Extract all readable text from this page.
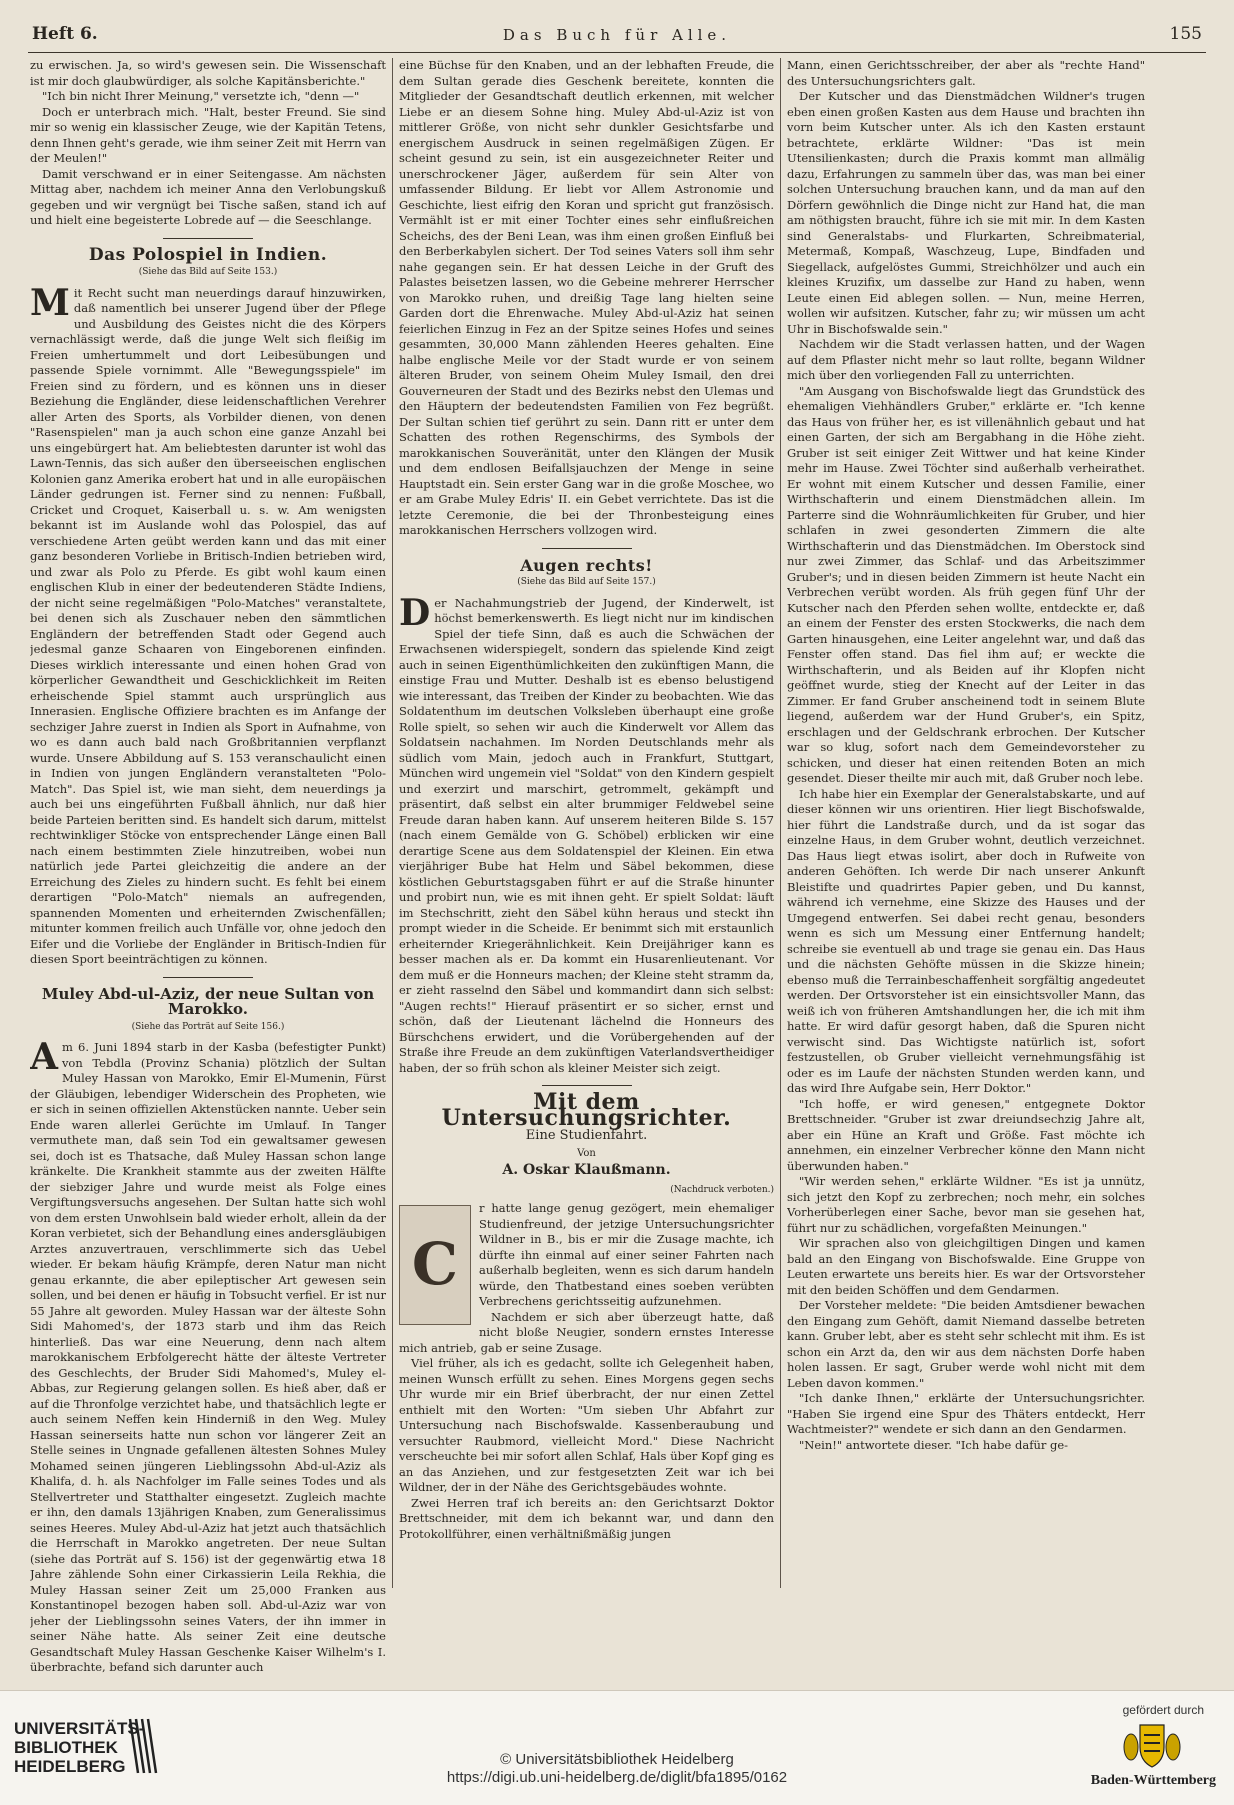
Heft 6.	Das Buch für Alle.	155

zu erwischen. Ja, so wird's gewesen sein. Die Wissenschaft ist mir doch glaubwürdiger, als solche Kapitänsberichte."

"Ich bin nicht Ihrer Meinung," versetzte ich, "denn —"

Doch er unterbrach mich. "Halt, bester Freund. Sie sind mir so wenig ein klassischer Zeuge, wie der Kapitän Tetens, denn Ihnen geht's gerade, wie ihm seiner Zeit mit Herrn van der Meulen!"

Damit verschwand er in einer Seitengasse. Am nächsten Mittag aber, nachdem ich meiner Anna den Verlobungskuß gegeben und wir vergnügt bei Tische saßen, stand ich auf und hielt eine begeisterte Lobrede auf — die Seeschlange.

Das Polospiel in Indien.
(Siehe das Bild auf Seite 153.)

Mit Recht sucht man neuerdings darauf hinzuwirken, daß namentlich bei unserer Jugend über der Pflege und Ausbildung des Geistes nicht die des Körpers vernachlässigt werde, daß die junge Welt sich fleißig im Freien umhertummelt und dort Leibesübungen und passende Spiele vornimmt. Alle "Bewegungsspiele" im Freien sind zu fördern, und es können uns in dieser Beziehung die Engländer, diese leidenschaftlichen Verehrer aller Arten des Sports, als Vorbilder dienen, von denen "Rasenspielen" man ja auch schon eine ganze Anzahl bei uns eingebürgert hat. Am beliebtesten darunter ist wohl das Lawn-Tennis, das sich außer den überseeischen englischen Kolonien ganz Amerika erobert hat und in alle europäischen Länder gedrungen ist. Ferner sind zu nennen: Fußball, Cricket und Croquet, Kaiserball u. s. w. Am wenigsten bekannt ist im Auslande wohl das Polospiel, das auf verschiedene Arten geübt werden kann und das mit einer ganz besonderen Vorliebe in Britisch-Indien betrieben wird, und zwar als Polo zu Pferde. Es gibt wohl kaum einen englischen Klub in einer der bedeutenderen Städte Indiens, der nicht seine regelmäßigen "Polo-Matches" veranstaltete, bei denen sich als Zuschauer neben den sämmtlichen Engländern der betreffenden Stadt oder Gegend auch jedesmal ganze Schaaren von Eingeborenen einfinden. Dieses wirklich interessante und einen hohen Grad von körperlicher Gewandtheit und Geschicklichkeit im Reiten erheischende Spiel stammt auch ursprünglich aus Innerasien. Englische Offiziere brachten es im Anfange der sechziger Jahre zuerst in Indien als Sport in Aufnahme, von wo es dann auch bald nach Großbritannien verpflanzt wurde. Unsere Abbildung auf S. 153 veranschaulicht einen in Indien von jungen Engländern veranstalteten "Polo-Match". Das Spiel ist, wie man sieht, dem neuerdings ja auch bei uns eingeführten Fußball ähnlich, nur daß hier beide Parteien beritten sind. Es handelt sich darum, mittelst rechtwinkliger Stöcke von entsprechender Länge einen Ball nach einem bestimmten Ziele hinzutreiben, wobei nun natürlich jede Partei gleichzeitig die andere an der Erreichung des Zieles zu hindern sucht. Es fehlt bei einem derartigen "Polo-Match" niemals an aufregenden, spannenden Momenten und erheiternden Zwischenfällen; mitunter kommen freilich auch Unfälle vor, ohne jedoch den Eifer und die Vorliebe der Engländer in Britisch-Indien für diesen Sport beeinträchtigen zu können.

Muley Abd-ul-Aziz, der neue Sultan von Marokko.
(Siehe das Porträt auf Seite 156.)

Am 6. Juni 1894 starb in der Kasba (befestigter Punkt) von Tebdla (Provinz Schania) plötzlich der Sultan Muley Hassan von Marokko, Emir El-Mumenin, Fürst der Gläubigen, lebendiger Widerschein des Propheten, wie er sich in seinen offiziellen Aktenstücken nannte. Ueber sein Ende waren allerlei Gerüchte im Umlauf. In Tanger vermuthete man, daß sein Tod ein gewaltsamer gewesen sei, doch ist es Thatsache, daß Muley Hassan schon lange kränkelte. Die Krankheit stammte aus der zweiten Hälfte der siebziger Jahre und wurde meist als Folge eines Vergiftungsversuchs angesehen. Der Sultan hatte sich wohl von dem ersten Unwohlsein bald wieder erholt, allein da der Koran verbietet, sich der Behandlung eines andersgläubigen Arztes anzuvertrauen, verschlimmerte sich das Uebel wieder. Er bekam häufig Krämpfe, deren Natur man nicht genau erkannte, die aber epileptischer Art gewesen sein sollen, und bei denen er häufig in Tobsucht verfiel. Er ist nur 55 Jahre alt geworden. Muley Hassan war der älteste Sohn Sidi Mahomed's, der 1873 starb und ihm das Reich hinterließ. Das war eine Neuerung, denn nach altem marokkanischem Erbfolgerecht hätte der älteste Vertreter des Geschlechts, der Bruder Sidi Mahomed's, Muley el-Abbas, zur Regierung gelangen sollen. Es hieß aber, daß er auf die Thronfolge verzichtet habe, und thatsächlich legte er auch seinem Neffen kein Hinderniß in den Weg. Muley Hassan seinerseits hatte nun schon vor längerer Zeit an Stelle seines in Ungnade gefallenen ältesten Sohnes Muley Mohamed seinen jüngeren Lieblingssohn Abd-ul-Aziz als Khalifa, d. h. als Nachfolger im Falle seines Todes und als Stellvertreter und Statthalter eingesetzt. Zugleich machte er ihn, den damals 13jährigen Knaben, zum Generalissimus seines Heeres. Muley Abd-ul-Aziz hat jetzt auch thatsächlich die Herrschaft in Marokko angetreten. Der neue Sultan (siehe das Porträt auf S. 156) ist der gegenwärtig etwa 18 Jahre zählende Sohn einer Cirkassierin Leila Rekhia, die Muley Hassan seiner Zeit um 25,000 Franken aus Konstantinopel bezogen haben soll. Abd-ul-Aziz war von jeher der Lieblingssohn seines Vaters, der ihn immer in seiner Nähe hatte. Als seiner Zeit eine deutsche Gesandtschaft Muley Hassan Geschenke Kaiser Wilhelm's I. überbrachte, befand sich darunter auch

eine Büchse für den Knaben, und an der lebhaften Freude, die dem Sultan gerade dies Geschenk bereitete, konnten die Mitglieder der Gesandtschaft deutlich erkennen, mit welcher Liebe er an diesem Sohne hing. Muley Abd-ul-Aziz ist von mittlerer Größe, von nicht sehr dunkler Gesichtsfarbe und energischem Ausdruck in seinen regelmäßigen Zügen. Er scheint gesund zu sein, ist ein ausgezeichneter Reiter und unerschrockener Jäger, außerdem für sein Alter von umfassender Bildung. Er liebt vor Allem Astronomie und Geschichte, liest eifrig den Koran und spricht gut französisch. Vermählt ist er mit einer Tochter eines sehr einflußreichen Scheichs, des der Beni Lean, was ihm einen großen Einfluß bei den Berberkabylen sichert. Der Tod seines Vaters soll ihm sehr nahe gegangen sein. Er hat dessen Leiche in der Gruft des Palastes beisetzen lassen, wo die Gebeine mehrerer Herrscher von Marokko ruhen, und dreißig Tage lang hielten seine Garden dort die Ehrenwache. Muley Abd-ul-Aziz hat seinen feierlichen Einzug in Fez an der Spitze seines Hofes und seines gesammten, 30,000 Mann zählenden Heeres gehalten. Eine halbe englische Meile vor der Stadt wurde er von seinem älteren Bruder, von seinem Oheim Muley Ismail, den drei Gouverneuren der Stadt und des Bezirks nebst den Ulemas und den Häuptern der bedeutendsten Familien von Fez begrüßt. Der Sultan schien tief gerührt zu sein. Dann ritt er unter dem Schatten des rothen Regenschirms, des Symbols der marokkanischen Souveränität, unter den Klängen der Musik und dem endlosen Beifallsjauchzen der Menge in seine Hauptstadt ein. Sein erster Gang war in die große Moschee, wo er am Grabe Muley Edris' II. ein Gebet verrichtete. Das ist die letzte Ceremonie, die bei der Thronbesteigung eines marokkanischen Herrschers vollzogen wird.

Augen rechts!
(Siehe das Bild auf Seite 157.)

Der Nachahmungstrieb der Jugend, der Kinderwelt, ist höchst bemerkenswerth. Es liegt nicht nur im kindischen Spiel der tiefe Sinn, daß es auch die Schwächen der Erwachsenen widerspiegelt, sondern das spielende Kind zeigt auch in seinen Eigenthümlichkeiten den zukünftigen Mann, die einstige Frau und Mutter. Deshalb ist es ebenso belustigend wie interessant, das Treiben der Kinder zu beobachten. Wie das Soldatenthum im deutschen Volksleben überhaupt eine große Rolle spielt, so sehen wir auch die Kinderwelt vor Allem das Soldatsein nachahmen. Im Norden Deutschlands mehr als südlich vom Main, jedoch auch in Frankfurt, Stuttgart, München wird ungemein viel "Soldat" von den Kindern gespielt und exerzirt und marschirt, getrommelt, gekämpft und präsentirt, daß selbst ein alter brummiger Feldwebel seine Freude daran haben kann. Auf unserem heiteren Bilde S. 157 (nach einem Gemälde von G. Schöbel) erblicken wir eine derartige Scene aus dem Soldatenspiel der Kleinen. Ein etwa vierjähriger Bube hat Helm und Säbel bekommen, diese köstlichen Geburtstagsgaben führt er auf die Straße hinunter und probirt nun, wie es mit ihnen geht. Er spielt Soldat: läuft im Stechschritt, zieht den Säbel kühn heraus und steckt ihn prompt wieder in die Scheide. Er benimmt sich mit erstaunlich erheiternder Kriegerähnlichkeit. Kein Dreijähriger kann es besser machen als er. Da kommt ein Husarenlieutenant. Vor dem muß er die Honneurs machen; der Kleine steht stramm da, er zieht rasselnd den Säbel und kommandirt dann sich selbst: "Augen rechts!" Hierauf präsentirt er so sicher, ernst und schön, daß der Lieutenant lächelnd die Honneurs des Bürschchens erwidert, und die Vorübergehenden auf der Straße ihre Freude an dem zukünftigen Vaterlandsvertheidiger haben, der so früh schon als kleiner Meister sich zeigt.

Mit dem Untersuchungsrichter.
Eine Studienfahrt.
Von
A. Oskar Klaußmann.
(Nachdruck verboten.)
C

r hatte lange genug gezögert, mein ehemaliger Studienfreund, der jetzige Untersuchungsrichter Wildner in B., bis er mir die Zusage machte, ich dürfte ihn einmal auf einer seiner Fahrten nach außerhalb begleiten, wenn es sich darum handeln würde, den Thatbestand eines soeben verübten Verbrechens gerichtsseitig aufzunehmen.

Nachdem er sich aber überzeugt hatte, daß nicht bloße Neugier, sondern ernstes Interesse mich antrieb, gab er seine Zusage.

Viel früher, als ich es gedacht, sollte ich Gelegenheit haben, meinen Wunsch erfüllt zu sehen. Eines Morgens gegen sechs Uhr wurde mir ein Brief überbracht, der nur einen Zettel enthielt mit den Worten: "Um sieben Uhr Abfahrt zur Untersuchung nach Bischofswalde. Kassenberaubung und versuchter Raubmord, vielleicht Mord." Diese Nachricht verscheuchte bei mir sofort allen Schlaf, Hals über Kopf ging es an das Anziehen, und zur festgesetzten Zeit war ich bei Wildner, der in der Nähe des Gerichtsgebäudes wohnte.

Zwei Herren traf ich bereits an: den Gerichtsarzt Doktor Brettschneider, mit dem ich bekannt war, und dann den Protokollführer, einen verhältnißmäßig jungen

Mann, einen Gerichtsschreiber, der aber als "rechte Hand" des Untersuchungsrichters galt.

Der Kutscher und das Dienstmädchen Wildner's trugen eben einen großen Kasten aus dem Hause und brachten ihn vorn beim Kutscher unter. Als ich den Kasten erstaunt betrachtete, erklärte Wildner: "Das ist mein Utensilienkasten; durch die Praxis kommt man allmälig dazu, Erfahrungen zu sammeln über das, was man bei einer solchen Untersuchung brauchen kann, und da man auf den Dörfern gewöhnlich die Dinge nicht zur Hand hat, die man am nöthigsten braucht, führe ich sie mit mir. In dem Kasten sind Generalstabs- und Flurkarten, Schreibmaterial, Metermaß, Kompaß, Waschzeug, Lupe, Bindfaden und Siegellack, aufgelöstes Gummi, Streichhölzer und auch ein kleines Kruzifix, um dasselbe zur Hand zu haben, wenn Leute einen Eid ablegen sollen. — Nun, meine Herren, wollen wir aufsitzen. Kutscher, fahr zu; wir müssen um acht Uhr in Bischofswalde sein."

Nachdem wir die Stadt verlassen hatten, und der Wagen auf dem Pflaster nicht mehr so laut rollte, begann Wildner mich über den vorliegenden Fall zu unterrichten.

"Am Ausgang von Bischofswalde liegt das Grundstück des ehemaligen Viehhändlers Gruber," erklärte er. "Ich kenne das Haus von früher her, es ist villenähnlich gebaut und hat einen Garten, der sich am Bergabhang in die Höhe zieht. Gruber ist seit einiger Zeit Wittwer und hat keine Kinder mehr im Hause. Zwei Töchter sind außerhalb verheirathet. Er wohnt mit einem Kutscher und dessen Familie, einer Wirthschafterin und einem Dienstmädchen allein. Im Parterre sind die Wohnräumlichkeiten für Gruber, und hier schlafen in zwei gesonderten Zimmern die alte Wirthschafterin und das Dienstmädchen. Im Oberstock sind nur zwei Zimmer, das Schlaf- und das Arbeitszimmer Gruber's; und in diesen beiden Zimmern ist heute Nacht ein Verbrechen verübt worden. Als früh gegen fünf Uhr der Kutscher nach den Pferden sehen wollte, entdeckte er, daß an einem der Fenster des ersten Stockwerks, die nach dem Garten hinausgehen, eine Leiter angelehnt war, und daß das Fenster offen stand. Das fiel ihm auf; er weckte die Wirthschafterin, und als Beiden auf ihr Klopfen nicht geöffnet wurde, stieg der Knecht auf der Leiter in das Zimmer. Er fand Gruber anscheinend todt in seinem Blute liegend, außerdem war der Hund Gruber's, ein Spitz, erschlagen und der Geldschrank erbrochen. Der Kutscher war so klug, sofort nach dem Gemeindevorsteher zu schicken, und dieser hat einen reitenden Boten an mich gesendet. Dieser theilte mir auch mit, daß Gruber noch lebe.

Ich habe hier ein Exemplar der Generalstabskarte, und auf dieser können wir uns orientiren. Hier liegt Bischofswalde, hier führt die Landstraße durch, und da ist sogar das einzelne Haus, in dem Gruber wohnt, deutlich verzeichnet. Das Haus liegt etwas isolirt, aber doch in Rufweite von anderen Gehöften. Ich werde Dir nach unserer Ankunft Bleistifte und quadrirtes Papier geben, und Du kannst, während ich vernehme, eine Skizze des Hauses und der Umgegend entwerfen. Sei dabei recht genau, besonders wenn es sich um Messung einer Entfernung handelt; schreibe sie eventuell ab und trage sie genau ein. Das Haus und die nächsten Gehöfte müssen in die Skizze hinein; ebenso muß die Terrainbeschaffenheit sorgfältig angedeutet werden. Der Ortsvorsteher ist ein einsichtsvoller Mann, das weiß ich von früheren Amtshandlungen her, die ich mit ihm hatte. Er wird dafür gesorgt haben, daß die Spuren nicht verwischt sind. Das Wichtigste natürlich ist, sofort festzustellen, ob Gruber vielleicht vernehmungsfähig ist oder es im Laufe der nächsten Stunden werden kann, und das wird Ihre Aufgabe sein, Herr Doktor."

"Ich hoffe, er wird genesen," entgegnete Doktor Brettschneider. "Gruber ist zwar dreiundsechzig Jahre alt, aber ein Hüne an Kraft und Größe. Fast möchte ich annehmen, ein einzelner Verbrecher könne den Mann nicht überwunden haben."

"Wir werden sehen," erklärte Wildner. "Es ist ja unnütz, sich jetzt den Kopf zu zerbrechen; noch mehr, ein solches Vorherüberlegen einer Sache, bevor man sie gesehen hat, führt nur zu schädlichen, vorgefaßten Meinungen."

Wir sprachen also von gleichgiltigen Dingen und kamen bald an den Eingang von Bischofswalde. Eine Gruppe von Leuten erwartete uns bereits hier. Es war der Ortsvorsteher mit den beiden Schöffen und dem Gendarmen.

Der Vorsteher meldete: "Die beiden Amtsdiener bewachen den Eingang zum Gehöft, damit Niemand dasselbe betreten kann. Gruber lebt, aber es steht sehr schlecht mit ihm. Es ist schon ein Arzt da, den wir aus dem nächsten Dorfe haben holen lassen. Er sagt, Gruber werde wohl nicht mit dem Leben davon kommen."

"Ich danke Ihnen," erklärte der Untersuchungsrichter. "Haben Sie irgend eine Spur des Thäters entdeckt, Herr Wachtmeister?" wendete er sich dann an den Gendarmen.

"Nein!" antwortete dieser. "Ich habe dafür ge-

UNIVERSITÄTS-
BIBLIOTHEK
HEIDELBERG	© Universitätsbibliothek Heidelberg
https://digi.ub.uni-heidelberg.de/diglit/bfa1895/0162
gefördert durch
Baden-Württemberg
